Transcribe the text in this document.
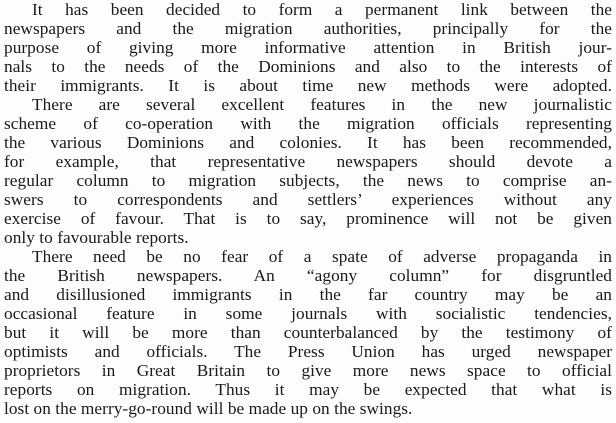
It has been decided to form a permanent link between the
newspapers and the migration authorities, principally for the
purpose of giving more informative attention in British jour-
nals to the needs of the Dominions and also to the interests of
their immigrants. It is about time new methods were adopted.
There are several excellent features in the new journalistic
scheme of co-operation with the migration officials representing
the various Dominions and colonies. It has been recommended,
for example, that representative newspapers should devote a
regular column to migration subjects, the news to comprise an-
swers to correspondents and settlers’ experiences without any
exercise of favour. That is to say, prominence will not be given
only to favourable reports.
There need be no fear of a spate of adverse propaganda in
the British newspapers. An “agony column” for disgruntled
and disillusioned immigrants in the far country may be an
occasional feature in some journals with socialistic tendencies,
but it will be more than counterbalanced by the testimony of
optimists and officials. The Press Union has urged newspaper
proprietors in Great Britain to give more news space to official
reports on migration. Thus it may be expected that what is
lost on the merry-go-round will be made up on the swings.
